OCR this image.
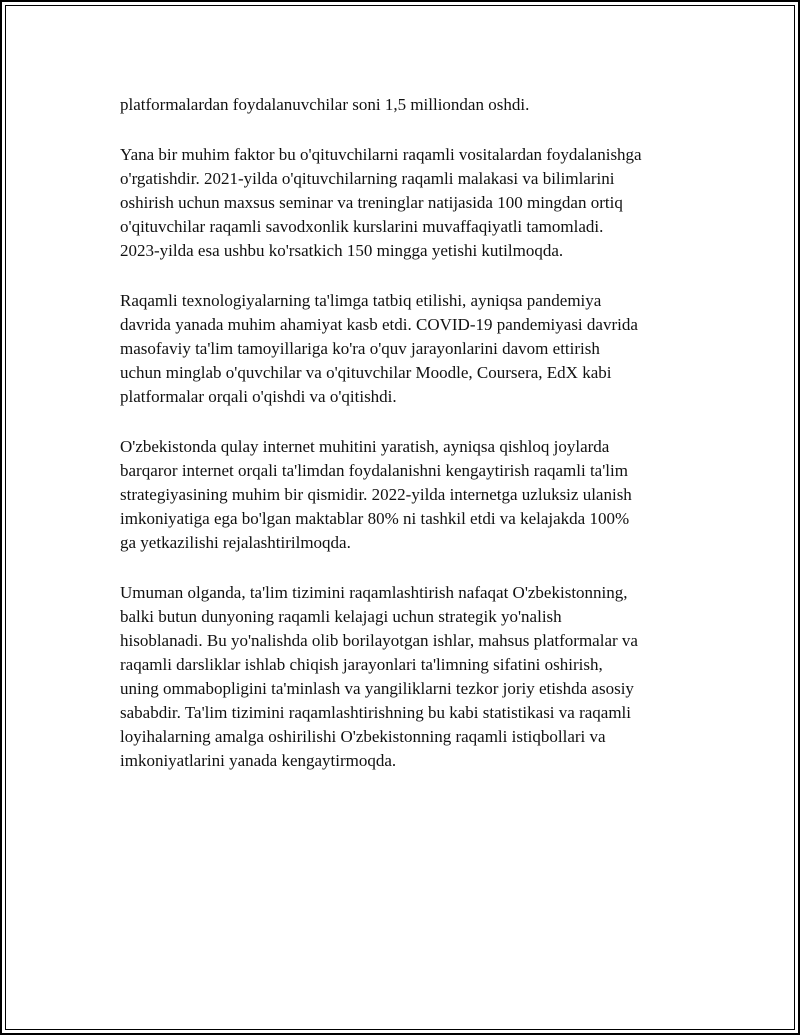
platformalardan foydalanuvchilar soni 1,5 milliondan oshdi.
Yana bir muhim faktor bu o'qituvchilarni raqamli vositalardan foydalanishga
o'rgatishdir. 2021-yilda o'qituvchilarning raqamli malakasi va bilimlarini
oshirish uchun maxsus seminar va treninglar natijasida 100 mingdan ortiq
o'qituvchilar raqamli savodxonlik kurslarini muvaffaqiyatli tamomladi.
2023-yilda esa ushbu ko'rsatkich 150 mingga yetishi kutilmoqda.
Raqamli texnologiyalarning ta'limga tatbiq etilishi, ayniqsa pandemiya
davrida yanada muhim ahamiyat kasb etdi. COVID-19 pandemiyasi davrida
masofaviy ta'lim tamoyillariga ko'ra o'quv jarayonlarini davom ettirish
uchun minglab o'quvchilar va o'qituvchilar Moodle, Coursera, EdX kabi
platformalar orqali o'qishdi va o'qitishdi.
O'zbekistonda qulay internet muhitini yaratish, ayniqsa qishloq joylarda
barqaror internet orqali ta'limdan foydalanishni kengaytirish raqamli ta'lim
strategiyasining muhim bir qismidir. 2022-yilda internetga uzluksiz ulanish
imkoniyatiga ega bo'lgan maktablar 80% ni tashkil etdi va kelajakda 100%
ga yetkazilishi rejalashtirilmoqda.
Umuman olganda, ta'lim tizimini raqamlashtirish nafaqat O'zbekistonning,
balki butun dunyoning raqamli kelajagi uchun strategik yo'nalish
hisoblanadi. Bu yo'nalishda olib borilayotgan ishlar, mahsus platformalar va
raqamli darsliklar ishlab chiqish jarayonlari ta'limning sifatini oshirish,
uning ommabopligini ta'minlash va yangiliklarni tezkor joriy etishda asosiy
sababdir. Ta'lim tizimini raqamlashtirishning bu kabi statistikasi va raqamli
loyihalarning amalga oshirilishi O'zbekistonning raqamli istiqbollari va
imkoniyatlarini yanada kengaytirmoqda.
